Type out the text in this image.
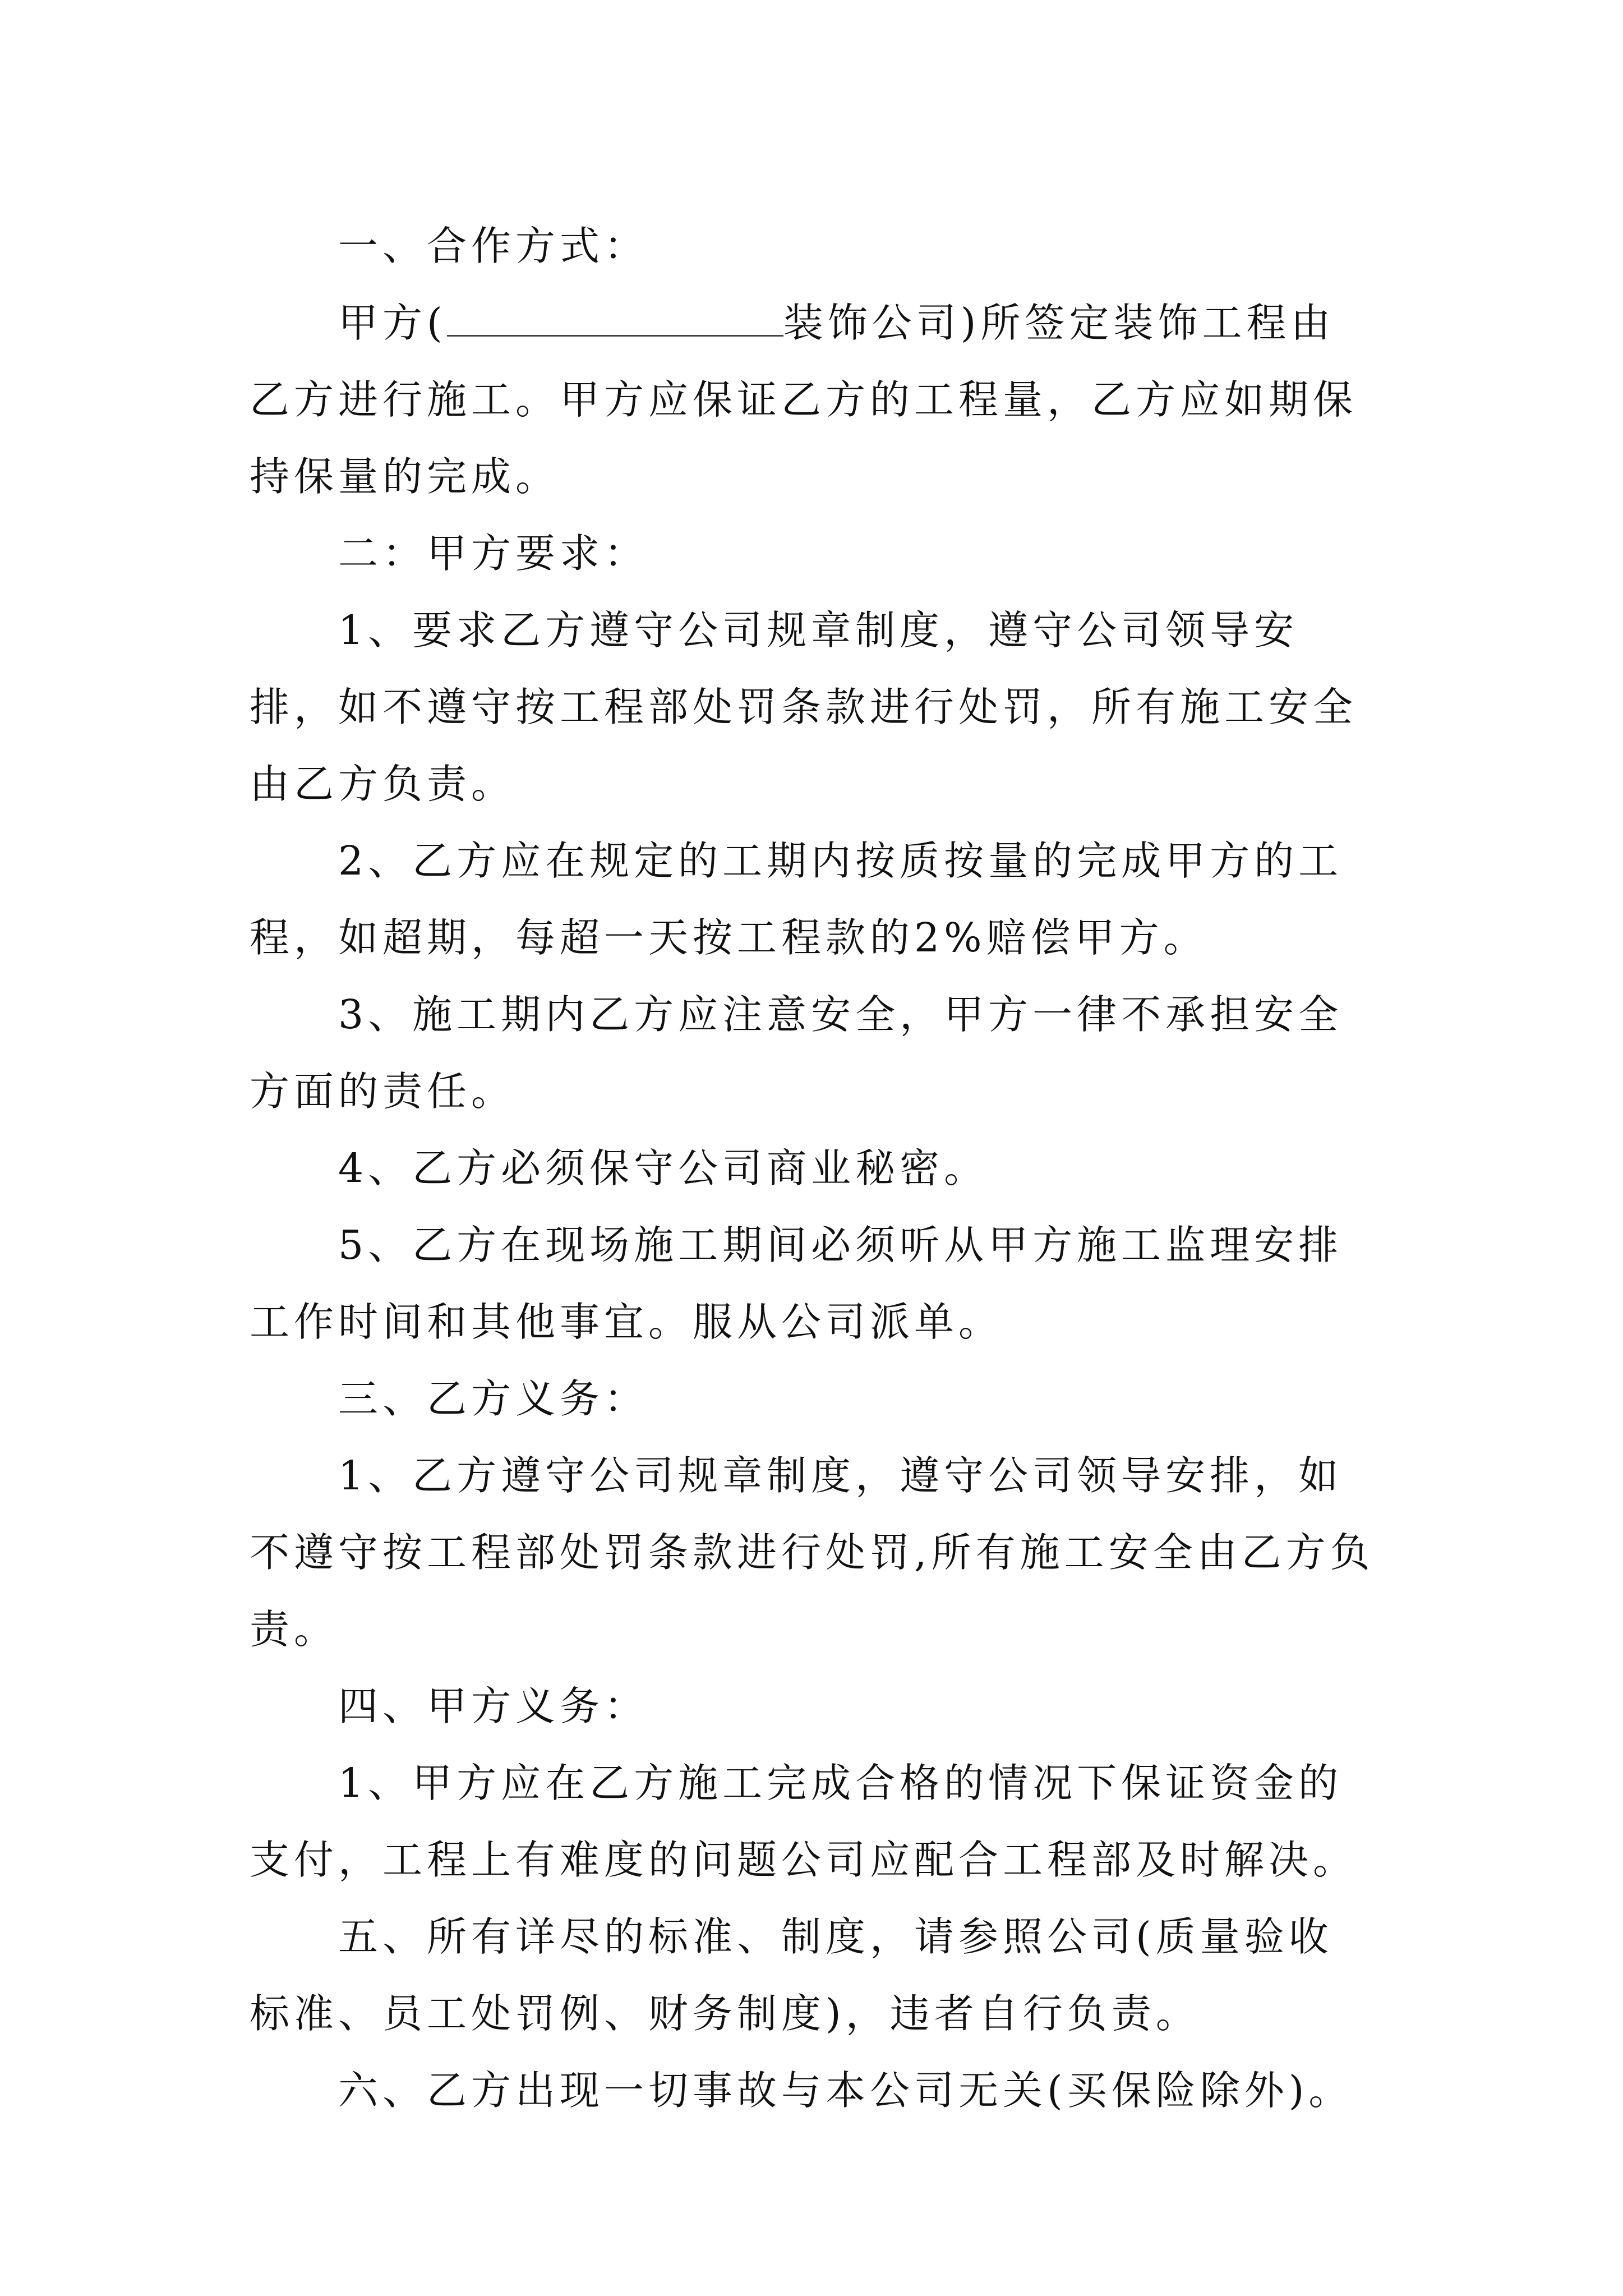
一、合作方式：

甲方(	装饰公司)所签定装饰工程由乙方进行施工。甲方应保证乙方的工程量，乙方应如期保持保量的完成。

二：甲方要求：

1、要求乙方遵守公司规章制度，遵守公司领导安排，如不遵守按工程部处罚条款进行处罚，所有施工安全由乙方负责。

2、乙方应在规定的工期内按质按量的完成甲方的工程，如超期，每超一天按工程款的2%赔偿甲方。

3、施工期内乙方应注意安全，甲方一律不承担安全方面的责任。

4、乙方必须保守公司商业秘密。

5、乙方在现场施工期间必须听从甲方施工监理安排工作时间和其他事宜。服从公司派单。

三、乙方义务：

1、乙方遵守公司规章制度，遵守公司领导安排，如不遵守按工程部处罚条款进行处罚,所有施工安全由乙方负责。

四、甲方义务：

1、甲方应在乙方施工完成合格的情况下保证资金的支付，工程上有难度的问题公司应配合工程部及时解决。

五、所有详尽的标准、制度，请参照公司(质量验收标准、员工处罚例、财务制度)，违者自行负责。

六、乙方出现一切事故与本公司无关(买保险除外)。
